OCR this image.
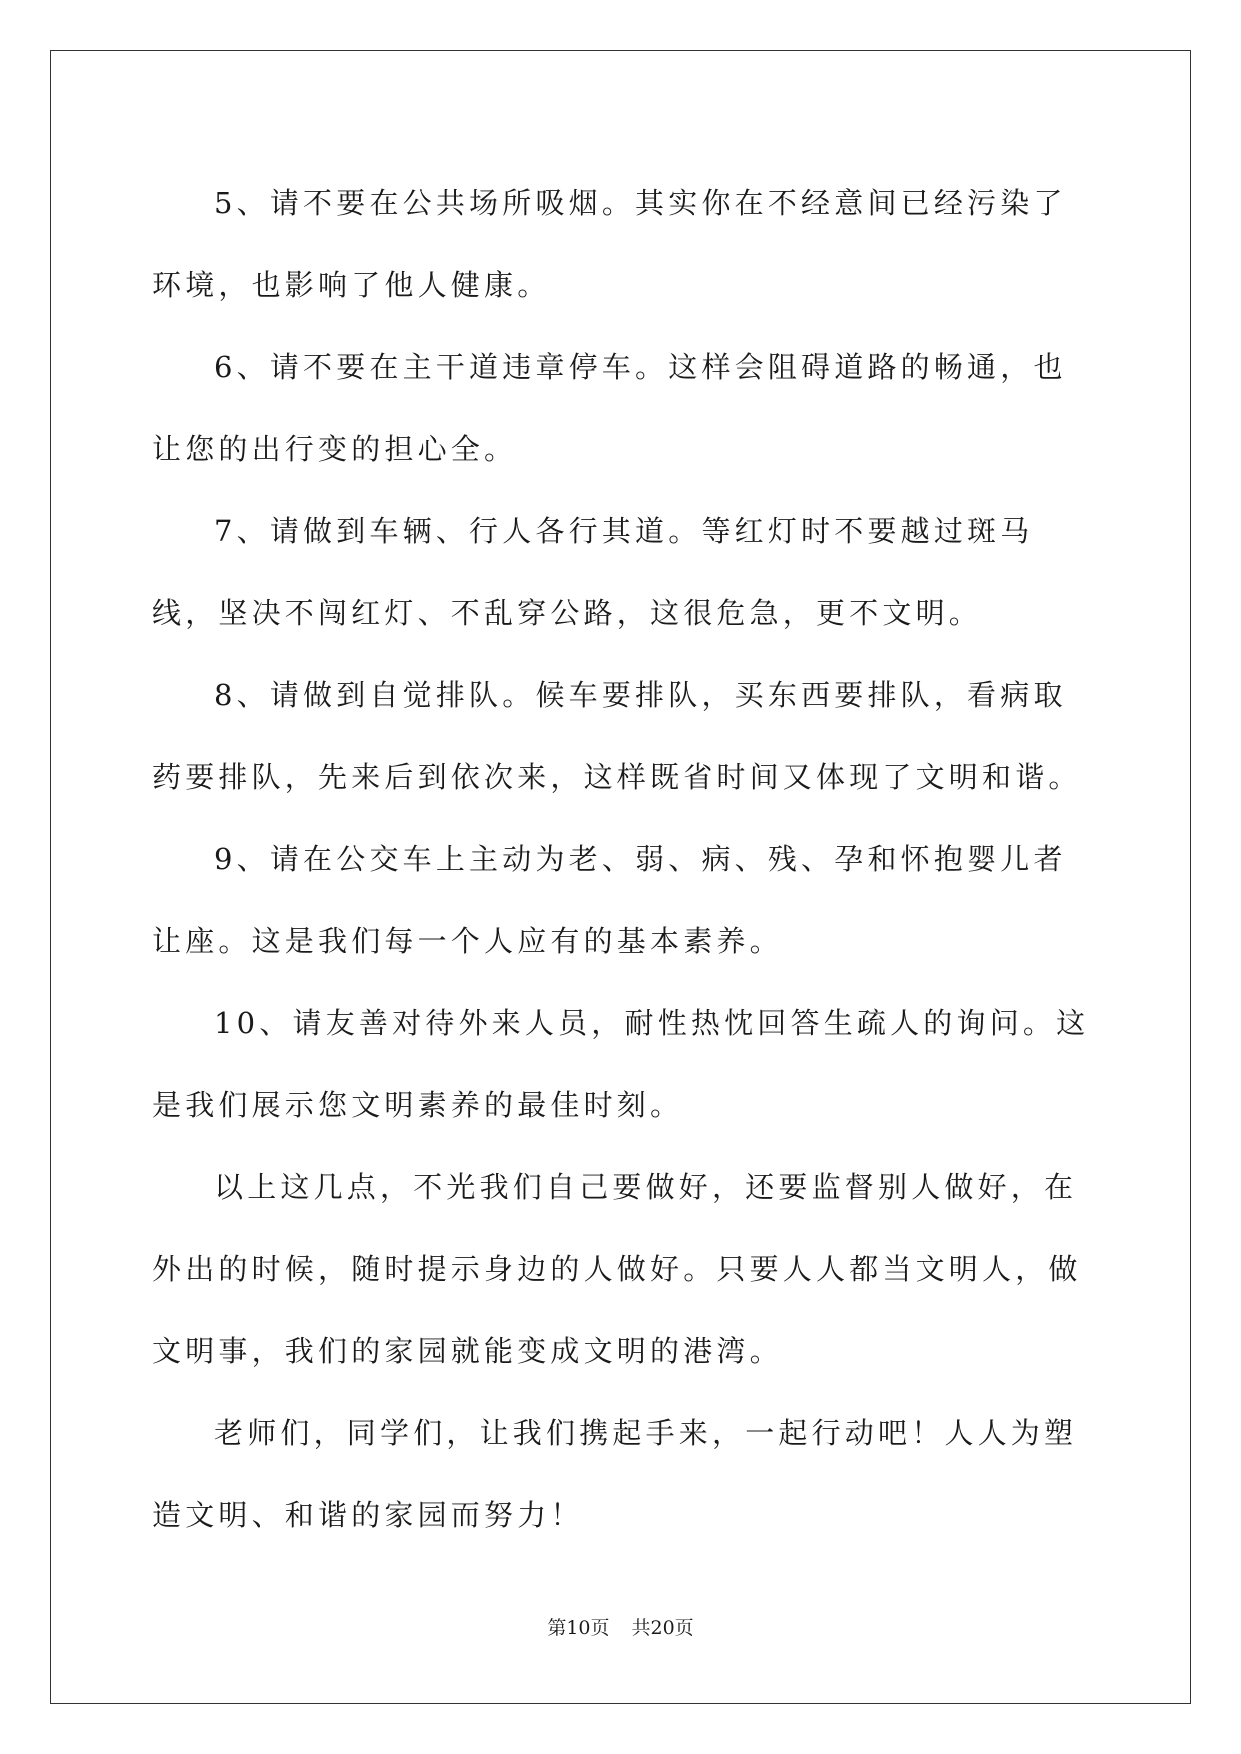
5、请不要在公共场所吸烟。其实你在不经意间已经污染了环境，也影响了他人健康。

6、请不要在主干道违章停车。这样会阻碍道路的畅通，也让您的出行变的担心全。

7、请做到车辆、行人各行其道。等红灯时不要越过斑马线，坚决不闯红灯、不乱穿公路，这很危急，更不文明。

8、请做到自觉排队。候车要排队，买东西要排队，看病取药要排队，先来后到依次来，这样既省时间又体现了文明和谐。

9、请在公交车上主动为老、弱、病、残、孕和怀抱婴儿者让座。这是我们每一个人应有的基本素养。

10、请友善对待外来人员，耐性热忱回答生疏人的询问。这是我们展示您文明素养的最佳时刻。

以上这几点，不光我们自己要做好，还要监督别人做好，在外出的时候，随时提示身边的人做好。只要人人都当文明人，做文明事，我们的家园就能变成文明的港湾。

老师们，同学们，让我们携起手来，一起行动吧！人人为塑造文明、和谐的家园而努力！

第10页 共20页
